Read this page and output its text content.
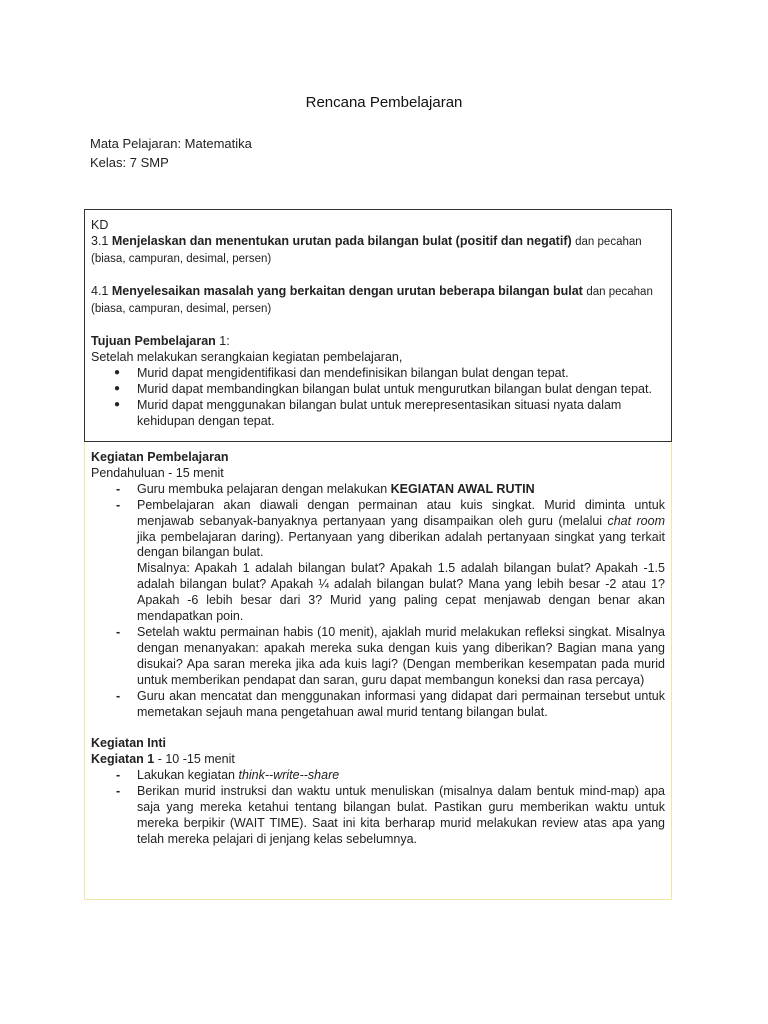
Rencana Pembelajaran
Mata Pelajaran: Matematika
Kelas: 7 SMP
KD
3.1 Menjelaskan dan menentukan urutan pada bilangan bulat (positif dan negatif) dan pecahan (biasa, campuran, desimal, persen)
4.1 Menyelesaikan masalah yang berkaitan dengan urutan beberapa bilangan bulat dan pecahan (biasa, campuran, desimal, persen)
Tujuan Pembelajaran 1:
Setelah melakukan serangkaian kegiatan pembelajaran,
● Murid dapat mengidentifikasi dan mendefinisikan bilangan bulat dengan tepat.
● Murid dapat membandingkan bilangan bulat untuk mengurutkan bilangan bulat dengan tepat.
● Murid dapat menggunakan bilangan bulat untuk merepresentasikan situasi nyata dalam kehidupan dengan tepat.
Kegiatan Pembelajaran
Pendahuluan - 15 menit
- Guru membuka pelajaran dengan melakukan KEGIATAN AWAL RUTIN

- Pembelajaran akan diawali dengan permainan atau kuis singkat. Murid diminta untuk menjawab sebanyak-banyaknya pertanyaan yang disampaikan oleh guru (melalui chat room jika pembelajaran daring). Pertanyaan yang diberikan adalah pertanyaan singkat yang terkait dengan bilangan bulat.

Misalnya: Apakah 1 adalah bilangan bulat? Apakah 1.5 adalah bilangan bulat? Apakah -1.5 adalah bilangan bulat? Apakah ¼ adalah bilangan bulat? Mana yang lebih besar -2 atau 1? Apakah -6 lebih besar dari 3? Murid yang paling cepat menjawab dengan benar akan mendapatkan poin.

- Setelah waktu permainan habis (10 menit), ajaklah murid melakukan refleksi singkat. Misalnya dengan menanyakan: apakah mereka suka dengan kuis yang diberikan? Bagian mana yang disukai? Apa saran mereka jika ada kuis lagi? (Dengan memberikan kesempatan pada murid untuk memberikan pendapat dan saran, guru dapat membangun koneksi dan rasa percaya)
- Guru akan mencatat dan menggunakan informasi yang didapat dari permainan tersebut untuk memetakan sejauh mana pengetahuan awal murid tentang bilangan bulat.
Kegiatan Inti
Kegiatan 1 - 10 -15 menit
- Lakukan kegiatan think--write--share
- Berikan murid instruksi dan waktu untuk menuliskan (misalnya dalam bentuk mind-map) apa saja yang mereka ketahui tentang bilangan bulat. Pastikan guru memberikan waktu untuk mereka berpikir (WAIT TIME). Saat ini kita berharap murid melakukan review atas apa yang telah mereka pelajari di jenjang kelas sebelumnya.
